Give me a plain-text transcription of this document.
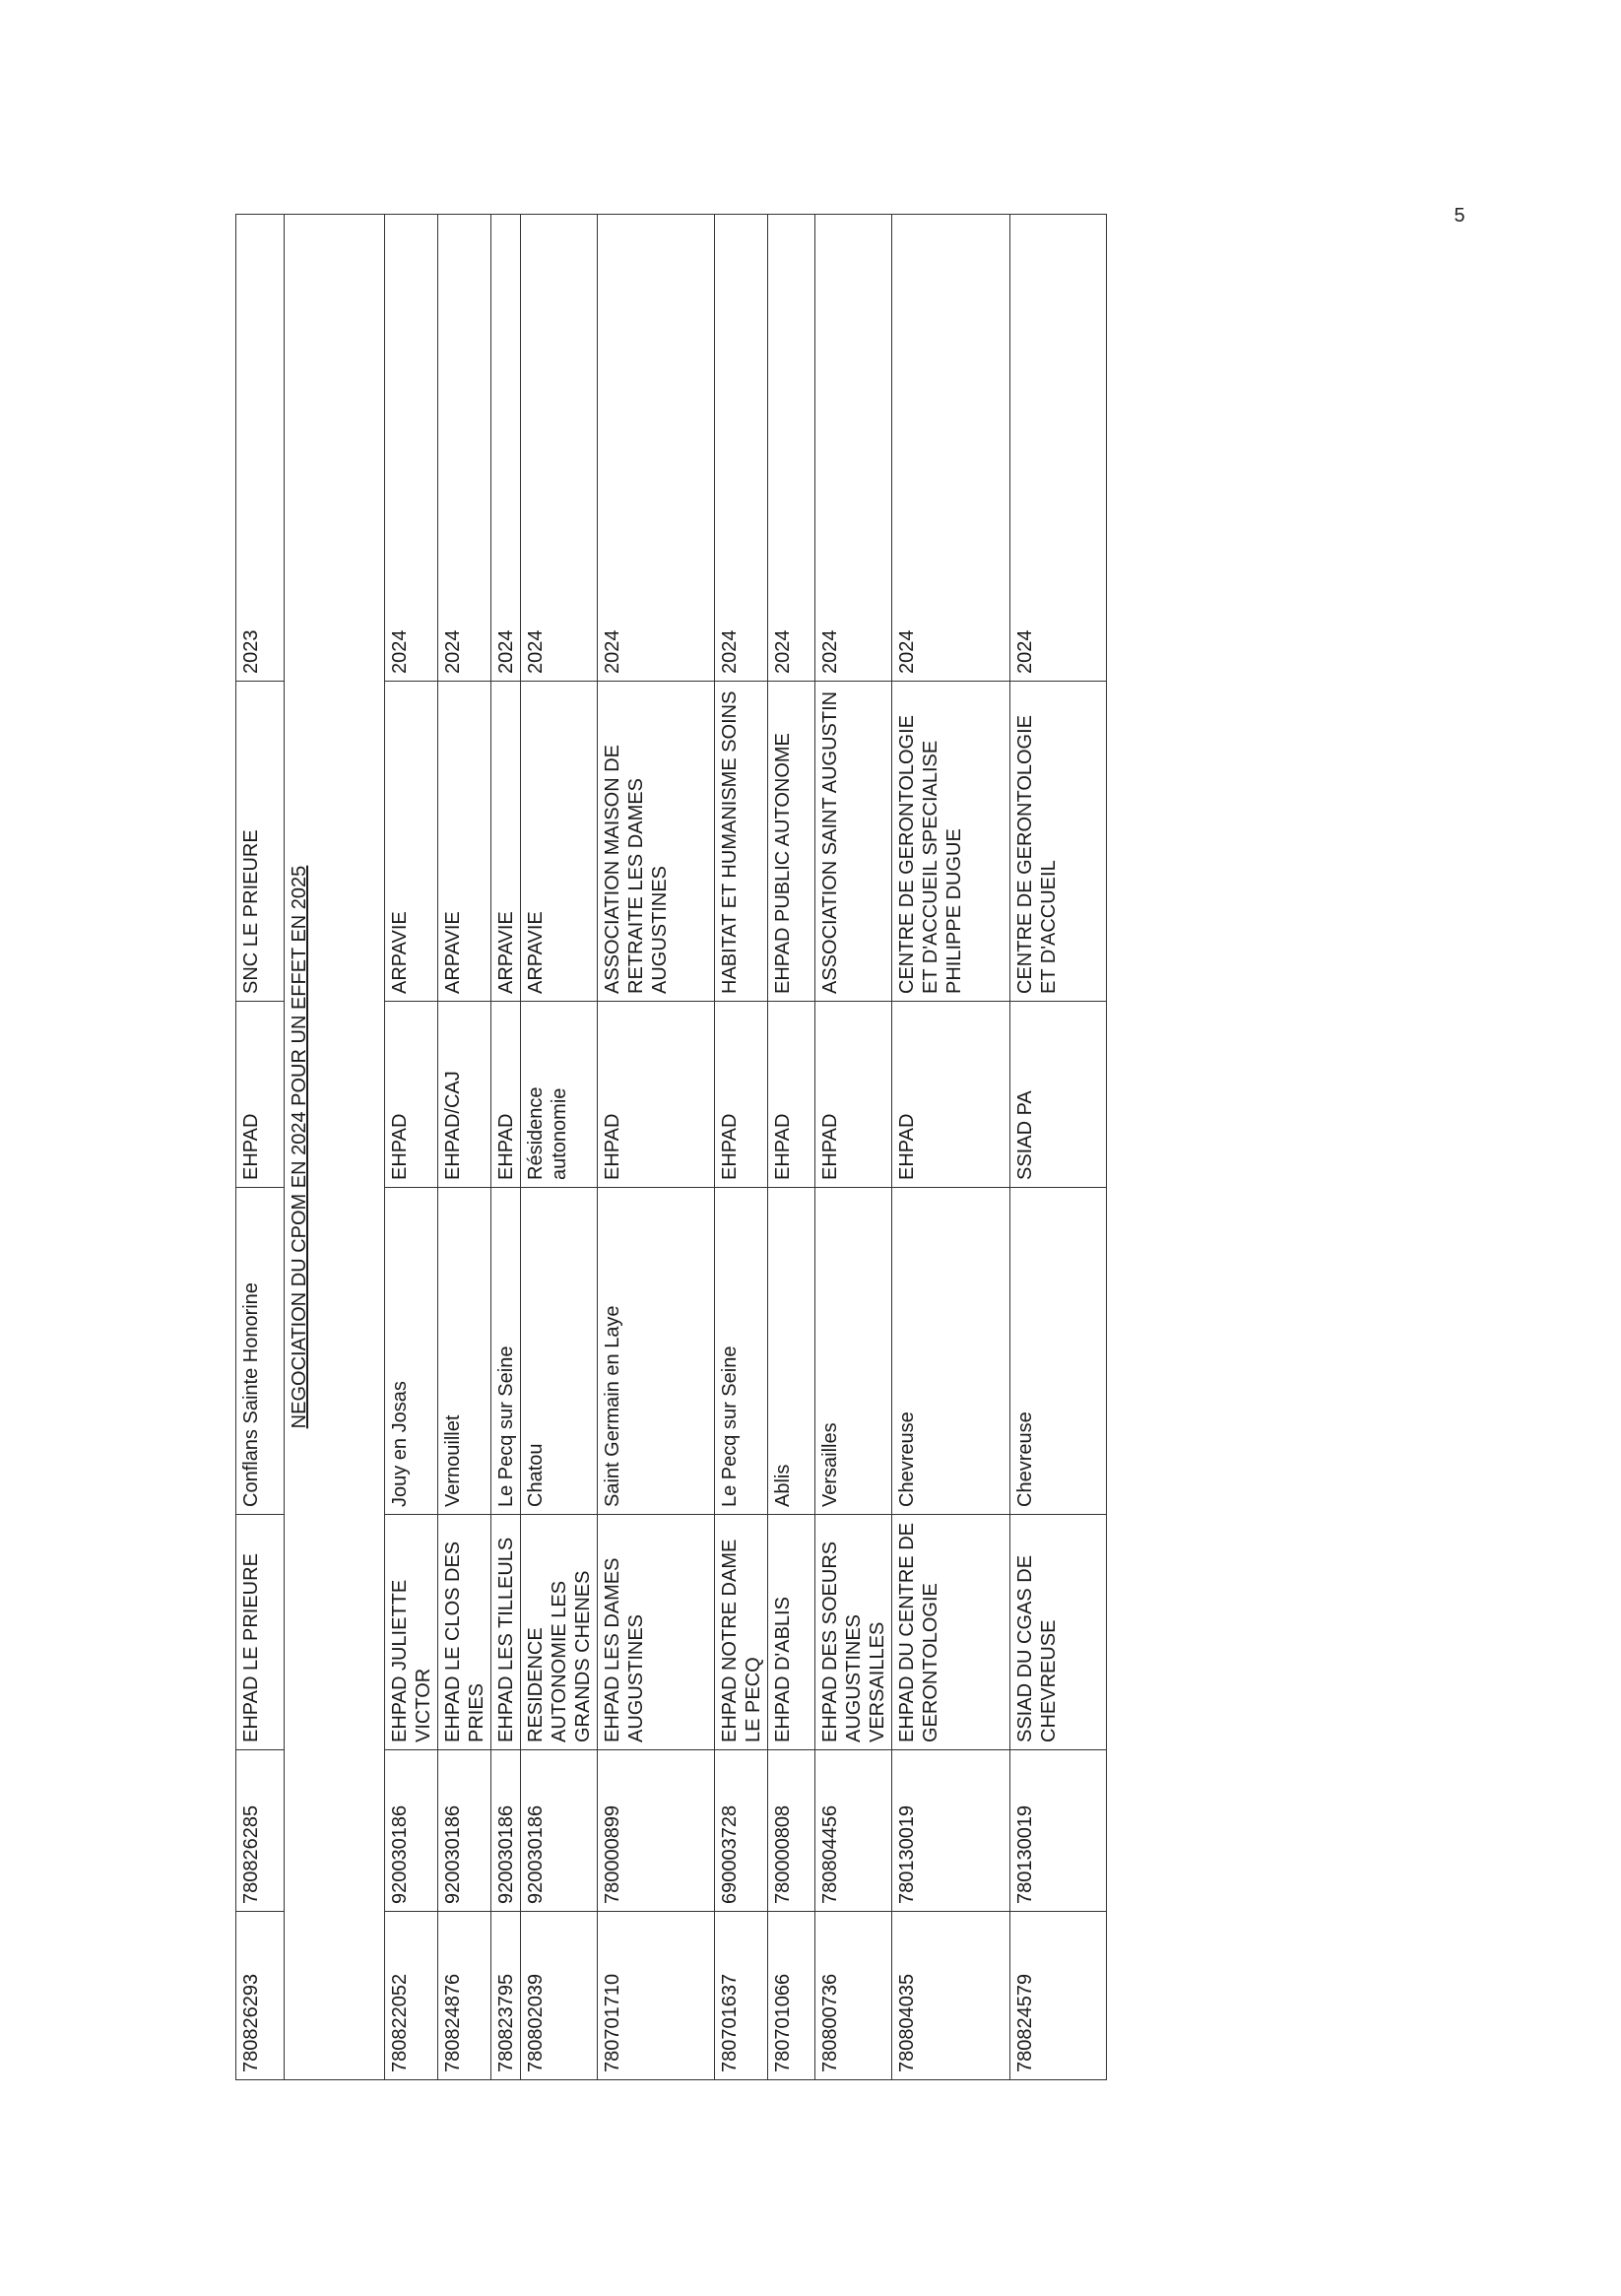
5
780826293	780826285	EHPAD LE PRIEURE	Conflans Sainte Honorine	EHPAD	SNC LE PRIEURE	2023
NEGOCIATION DU CPOM EN 2024 POUR UN EFFET EN 2025						
780822052	920030186	EHPAD JULIETTE VICTOR	Jouy en Josas	EHPAD	ARPAVIE	2024
780824876	920030186	EHPAD LE CLOS DES PRIES	Vernouillet	EHPAD/CAJ	ARPAVIE	2024
780823795	920030186	EHPAD LES TILLEULS	Le Pecq sur Seine	EHPAD	ARPAVIE	2024
780802039	920030186	RESIDENCE AUTONOMIE LES GRANDS CHENES	Chatou	Résidence autonomie	ARPAVIE	2024
780701710	780000899	EHPAD LES DAMES AUGUSTINES	Saint Germain en Laye	EHPAD	ASSOCIATION MAISON DE RETRAITE LES DAMES AUGUSTINES	2024
780701637	690003728	EHPAD NOTRE DAME LE PECQ	Le Pecq sur Seine	EHPAD	HABITAT ET HUMANISME SOINS	2024
780701066	780000808	EHPAD D'ABLIS	Ablis	EHPAD	EHPAD PUBLIC AUTONOME	2024
780800736	780804456	EHPAD DES SOEURS AUGUSTINES VERSAILLES	Versailles	EHPAD	ASSOCIATION SAINT AUGUSTIN	2024
780804035	780130019	EHPAD DU CENTRE DE GERONTOLOGIE	Chevreuse	EHPAD	CENTRE DE GERONTOLOGIE ET D'ACCUEIL SPECIALISE PHILIPPE DUGUE	2024
780824579	780130019	SSIAD DU CGAS DE CHEVREUSE	Chevreuse	SSIAD PA	CENTRE DE GERONTOLOGIE ET D'ACCUEIL	2024
